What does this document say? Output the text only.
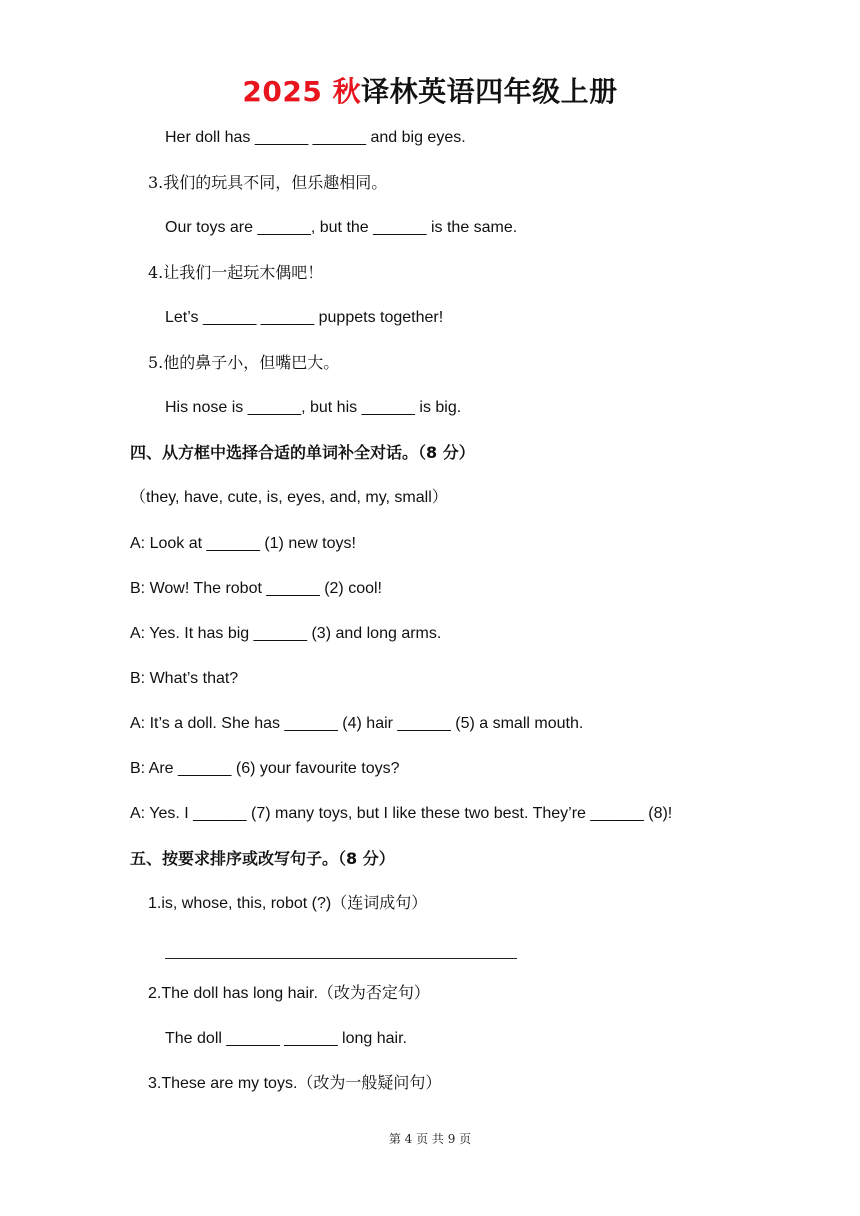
2025 秋译林英语四年级上册
Her doll has ______ ______ and big eyes.
3.我们的玩具不同，但乐趣相同。
Our toys are ______, but the ______ is the same.
4.让我们一起玩木偶吧！
Let’s ______ ______ puppets together!
5.他的鼻子小，但嘴巴大。
His nose is ______, but his ______ is big.
四、从方框中选择合适的单词补全对话。（8 分）
（they, have, cute, is, eyes, and, my, small）
A: Look at ______ (1) new toys!
B: Wow! The robot ______ (2) cool!
A: Yes. It has big ______ (3) and long arms.
B: What’s that?
A: It’s a doll. She has ______ (4) hair ______ (5) a small mouth.
B: Are ______ (6) your favourite toys?
A: Yes. I ______ (7) many toys, but I like these two best. They’re ______ (8)!
五、按要求排序或改写句子。（8 分）
1.is, whose, this, robot (?)（连词成句）
2.The doll has long hair.（改为否定句）
The doll ______ ______ long hair.
3.These are my toys.（改为一般疑问句）
第 4 页 共 9 页
